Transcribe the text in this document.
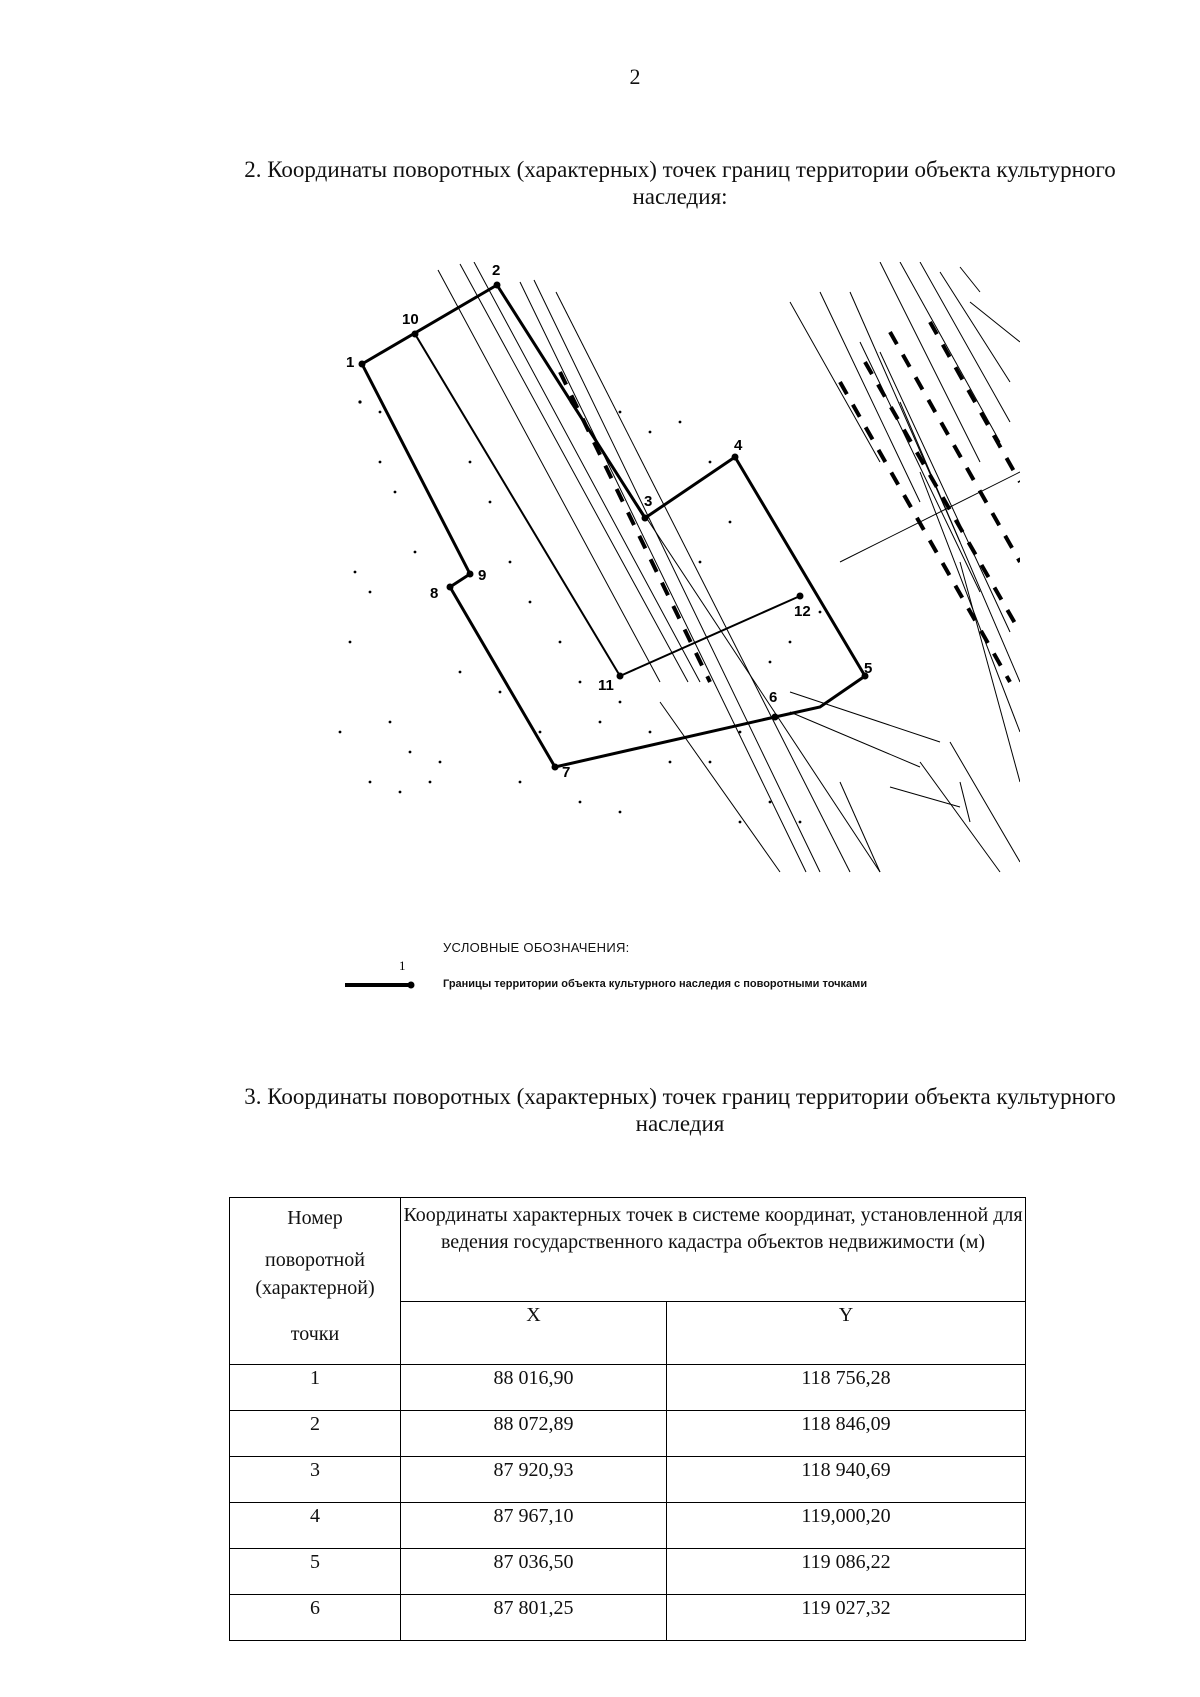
2
2. Координаты поворотных (характерных) точек границ территории объекта культурного наследия:
1
2
3
4
5
6
7
8
9
10
11
12
УСЛОВНЫЕ ОБОЗНАЧЕНИЯ:
1
Границы территории объекта культурного наследия с поворотными точками
3. Координаты поворотных (характерных) точек границ территории объекта культурного наследия
Номер
поворотной
(характерной)
точки	Координаты характерных точек в системе координат, установленной для ведения государственного кадастра объектов недвижимости (м)	
	X	Y
1	88 016,90	118 756,28
2	88 072,89	118 846,09
3	87 920,93	118 940,69
4	87 967,10	119,000,20
5	87 036,50	119 086,22
6	87 801,25	119 027,32
